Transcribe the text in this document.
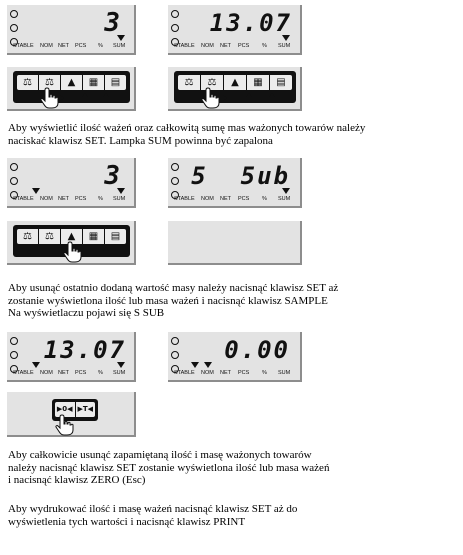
3
STABLE NOM NET PCS % SUM
13.07
STABLE NOM NET PCS % SUM
⚖ ⚖ ▲ ▦ ▤	⚖ ⚖ ▲ ▦ ▤
Aby wyświetlić ilość ważeń oraz całkowitą sumę mas ważonych towarów należy
naciskać klawisz SET. Lampka SUM powinna być zapalona
3
STABLE NOM NET PCS % SUM
5  5ub
STABLE NOM NET PCS % SUM
⚖ ⚖ ▲ ▦ ▤
Aby usunąć ostatnio dodaną wartość masy należy nacisnąć klawisz SET aż
zostanie wyświetlona ilość lub masa ważeń i nacisnąć klawisz SAMPLE
Na wyświetlaczu pojawi się S SUB
13.07
STABLE NOM NET PCS % SUM
0.00
STABLE NOM NET PCS % SUM
▶0◀ ▶T◀
Aby całkowicie usunąć zapamiętaną ilość i masę ważonych towarów
należy nacisnąć klawisz SET zostanie wyświetlona ilość lub masa ważeń
i nacisnąć klawisz ZERO (Esc)
Aby wydrukować ilość i masę ważeń nacisnąć klawisz SET aż do
wyświetlenia tych wartości i nacisnąć klawisz PRINT
